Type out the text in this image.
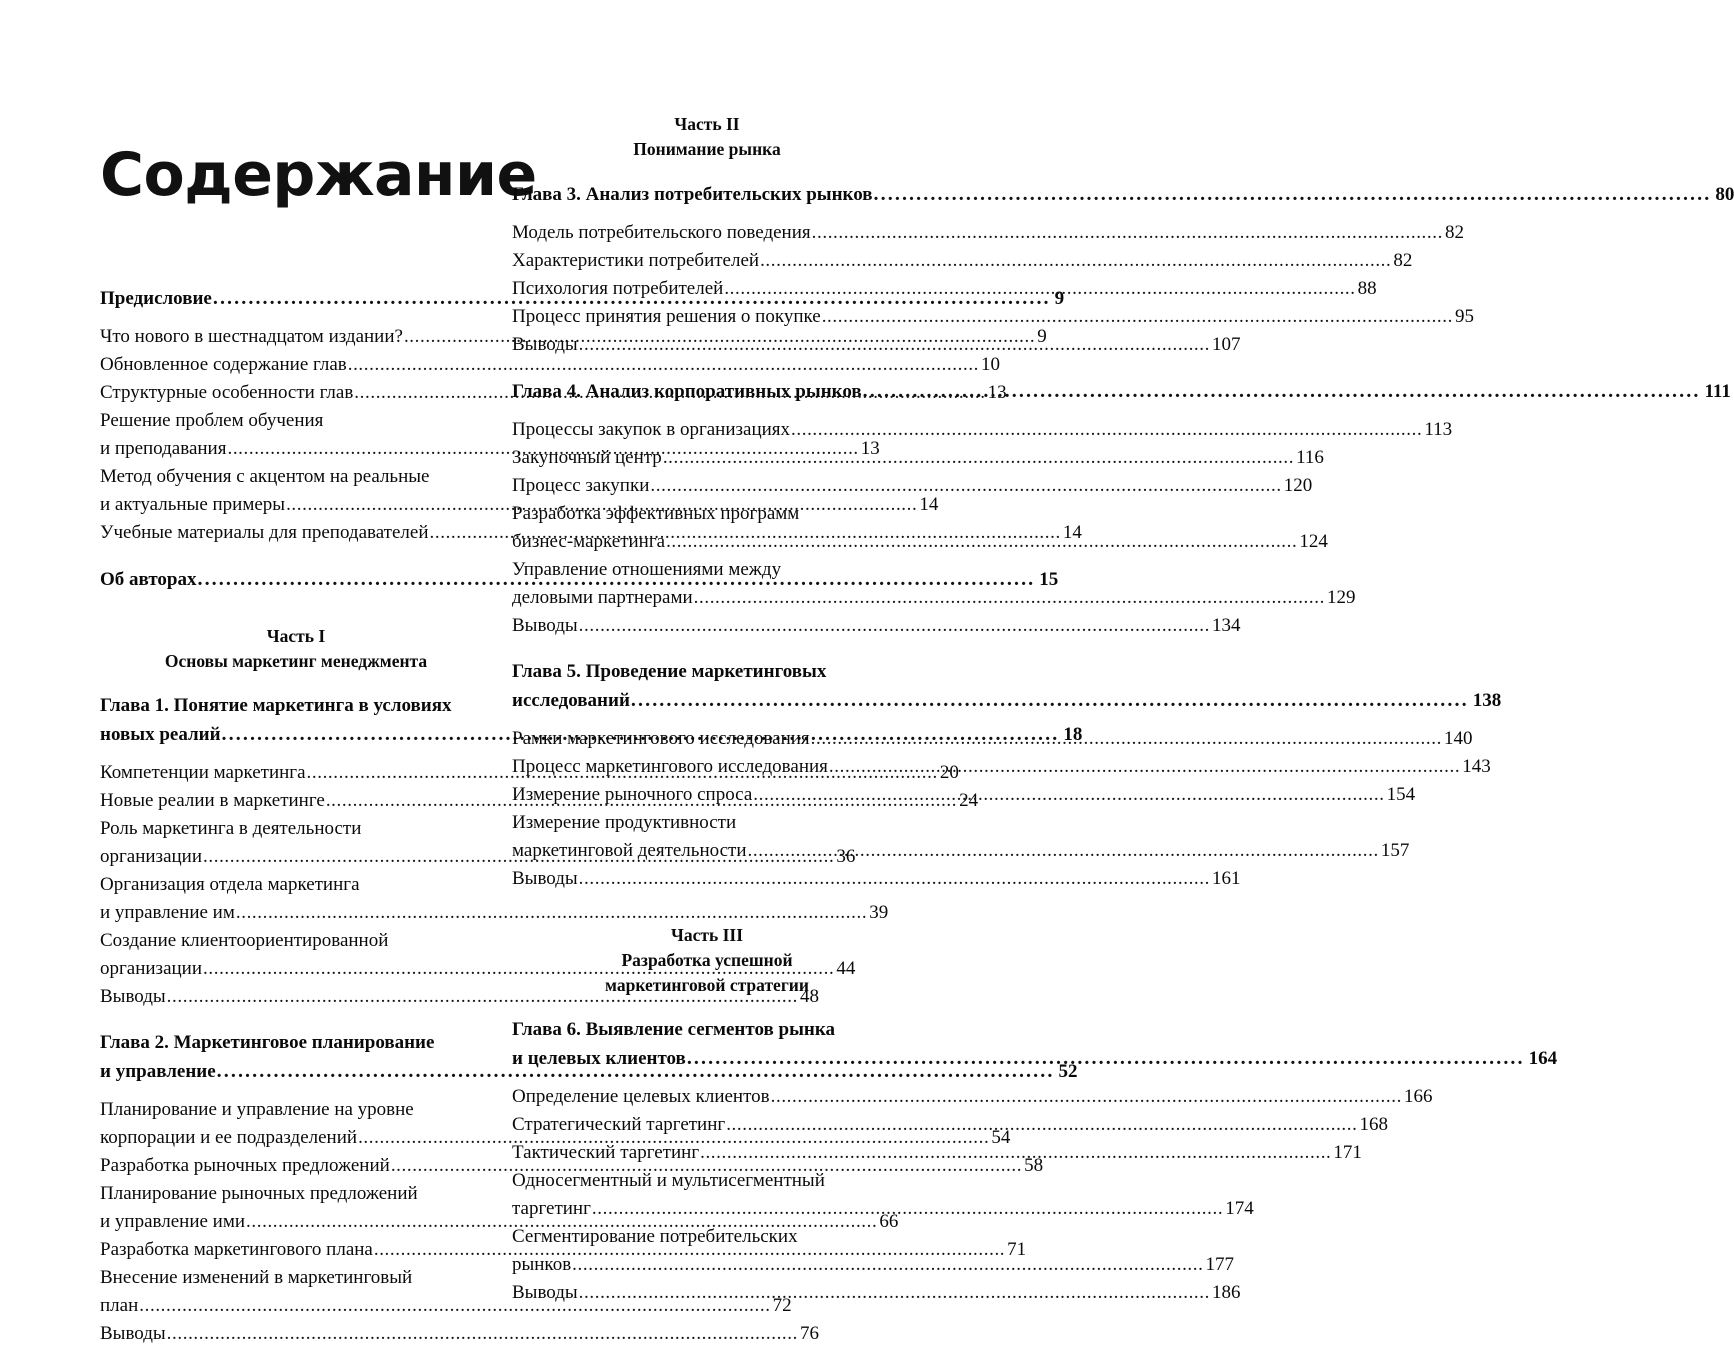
Содержание
Предисловие .....	9
Что нового в шестнадцатом издании? .....	9
Обновленное содержание глав .....	10
Структурные особенности глав .....	13
Решение проблем обучения
и преподавания .....	13
Метод обучения с акцентом на реальные
и актуальные примеры .....	14
Учебные материалы для преподавателей .....	14
Об авторах .....	15
Часть I
Основы маркетинг менеджмента
Глава 1. Понятие маркетинга в условиях
новых реалий .....	18
Компетенции маркетинга .....	20
Новые реалии в маркетинге .....	24
Роль маркетинга в деятельности
организации .....	36
Организация отдела маркетинга
и управление им .....	39
Создание клиентоориентированной
организации .....	44
Выводы .....	48
Глава 2. Маркетинговое планирование
и управление .....	52
Планирование и управление на уровне
корпорации и ее подразделений .....	54
Разработка рыночных предложений .....	58
Планирование рыночных предложений
и управление ими .....	66
Разработка маркетингового плана .....	71
Внесение изменений в маркетинговый
план .....	72
Выводы .....	76
Часть II
Понимание рынка
Глава 3. Анализ потребительских рынков .....	80
Модель потребительского поведения .....	82
Характеристики потребителей .....	82
Психология потребителей .....	88
Процесс принятия решения о покупке .....	95
Выводы .....	107
Глава 4. Анализ корпоративных рынков .....	111
Процессы закупок в организациях .....	113
Закупочный центр .....	116
Процесс закупки .....	120
Разработка эффективных программ
бизнес-маркетинга .....	124
Управление отношениями между
деловыми партнерами .....	129
Выводы .....	134
Глава 5. Проведение маркетинговых
исследований .....	138
Рамки маркетингового исследования .....	140
Процесс маркетингового исследования .....	143
Измерение рыночного спроса .....	154
Измерение продуктивности
маркетинговой деятельности .....	157
Выводы .....	161
Часть III
Разработка успешной
маркетинговой стратегии
Глава 6. Выявление сегментов рынка
и целевых клиентов .....	164
Определение целевых клиентов .....	166
Стратегический таргетинг .....	168
Тактический таргетинг .....	171
Односегментный и мультисегментный
таргетинг .....	174
Сегментирование потребительских
рынков .....	177
Выводы .....	186
